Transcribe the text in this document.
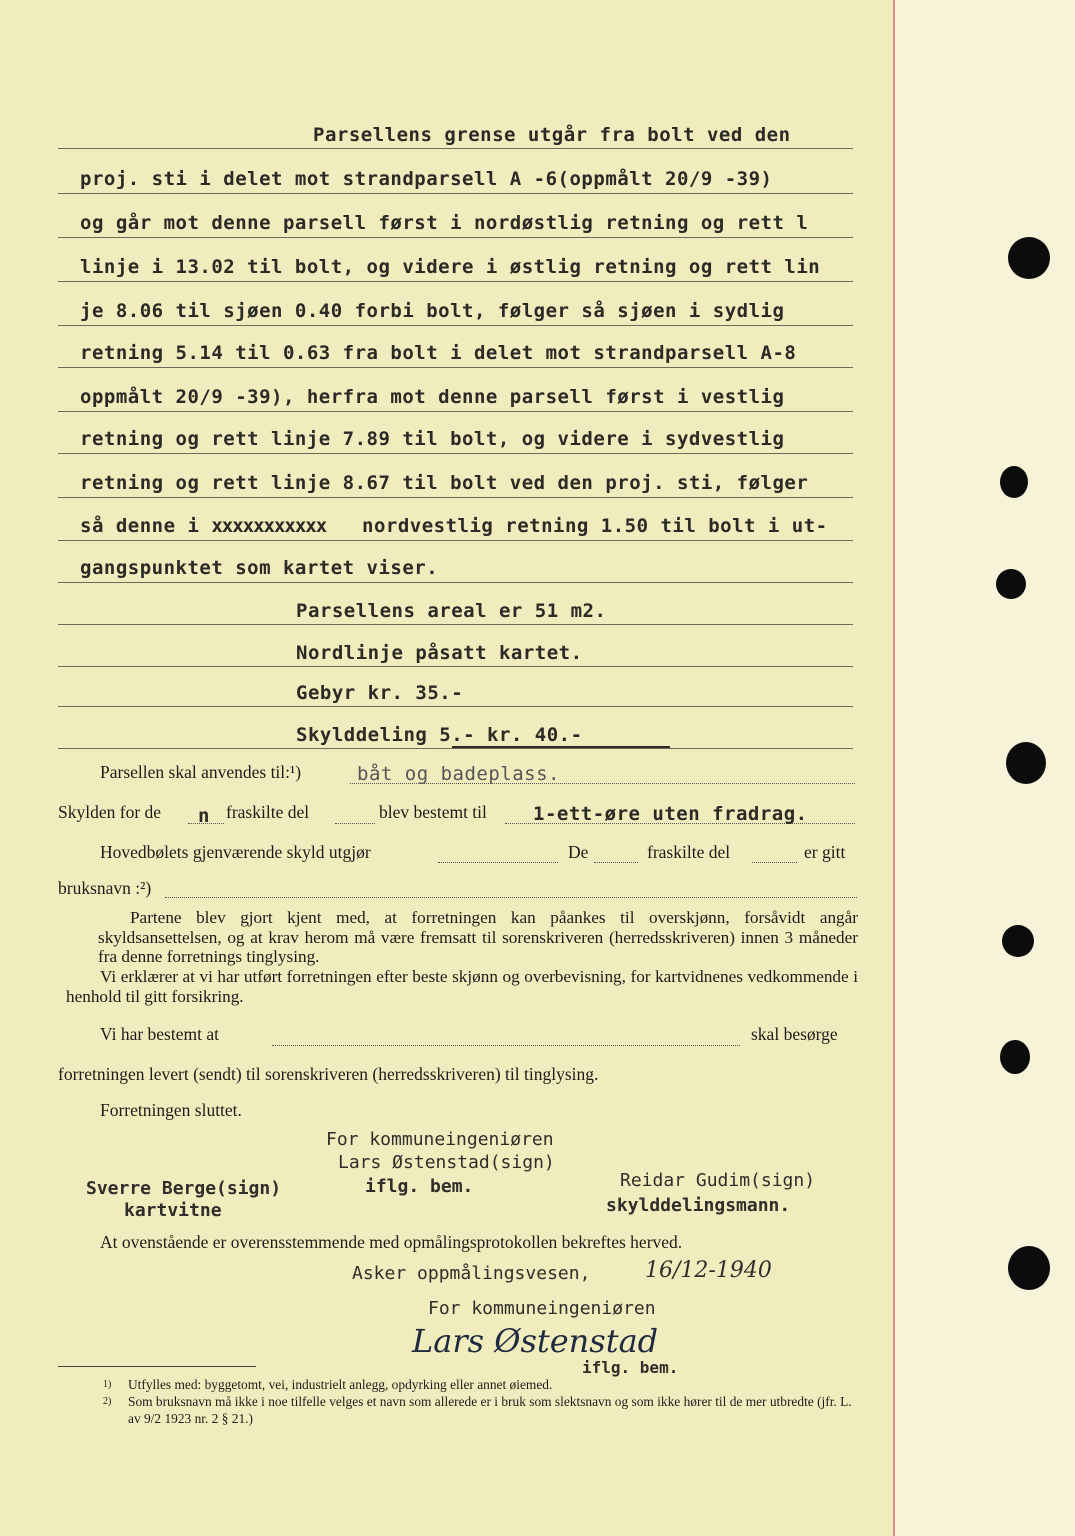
Parsellens grense utgår fra bolt ved den
proj. sti i delet mot strandparsell A -6(oppmålt 20/9 -39)
og går mot denne parsell først i nordøstlig retning og rett l
linje i 13.02 til bolt, og videre i østlig retning og rett lin
je 8.06 til sjøen 0.40 forbi bolt, følger så sjøen i sydlig
retning 5.14 til 0.63 fra bolt i delet mot strandparsell A-8
oppmålt 20/9 -39), herfra mot denne parsell først i vestlig
retning og rett linje 7.89 til bolt, og videre i sydvestlig
retning og rett linje 8.67 til bolt ved den proj. sti, følger
så denne i xxxxxxxxxxx nordvestlig retning 1.50 til bolt i ut-
gangspunktet som kartet viser.
Parsellens areal er 51 m2.
Nordlinje påsatt kartet.
Gebyr kr. 35.-
Skylddeling 5.- kr. 40.-
Parsellen skal anvendes til:¹)	båt og badeplass.
Skylden for de n fraskilte del	blev bestemt til 1-ett-øre uten fradrag.
Hovedbølets gjenværende skyld utgjør	De	fraskilte del	er gitt
bruksnavn :²)

Partene blev gjort kjent med, at forretningen kan påankes til overskjønn, forsåvidt angår skyldsansettelsen, og at krav herom må være fremsatt til sorenskriveren (herredsskriveren) innen 3 måneder fra denne forretnings tinglysing.

Vi erklærer at vi har utført forretningen efter beste skjønn og overbevisning, for kartvidnenes vedkommende i henhold til gitt forsikring.

Vi har bestemt at	skal besørge
forretningen levert (sendt) til sorenskriveren (herredsskriveren) til tinglysing.
Forretningen sluttet.
For kommuneingeniøren
Lars Østenstad(sign)
iflg. bem.
Sverre Berge(sign)
kartvitne
Reidar Gudim(sign)
skylddelingsmann.
At ovenstående er overensstemmende med opmålingsprotokollen bekreftes herved.
Asker oppmålingsvesen, 16/12-1940
For kommuneingeniøren
Lars Østenstad
iflg. bem.
1)	Utfylles med: byggetomt, vei, industrielt anlegg, opdyrking eller annet øiemed.
2)	Som bruksnavn må ikke i noe tilfelle velges et navn som allerede er i bruk som slektsnavn og som ikke hører til de mer utbredte (jfr. L. av 9/2 1923 nr. 2 § 21.)
